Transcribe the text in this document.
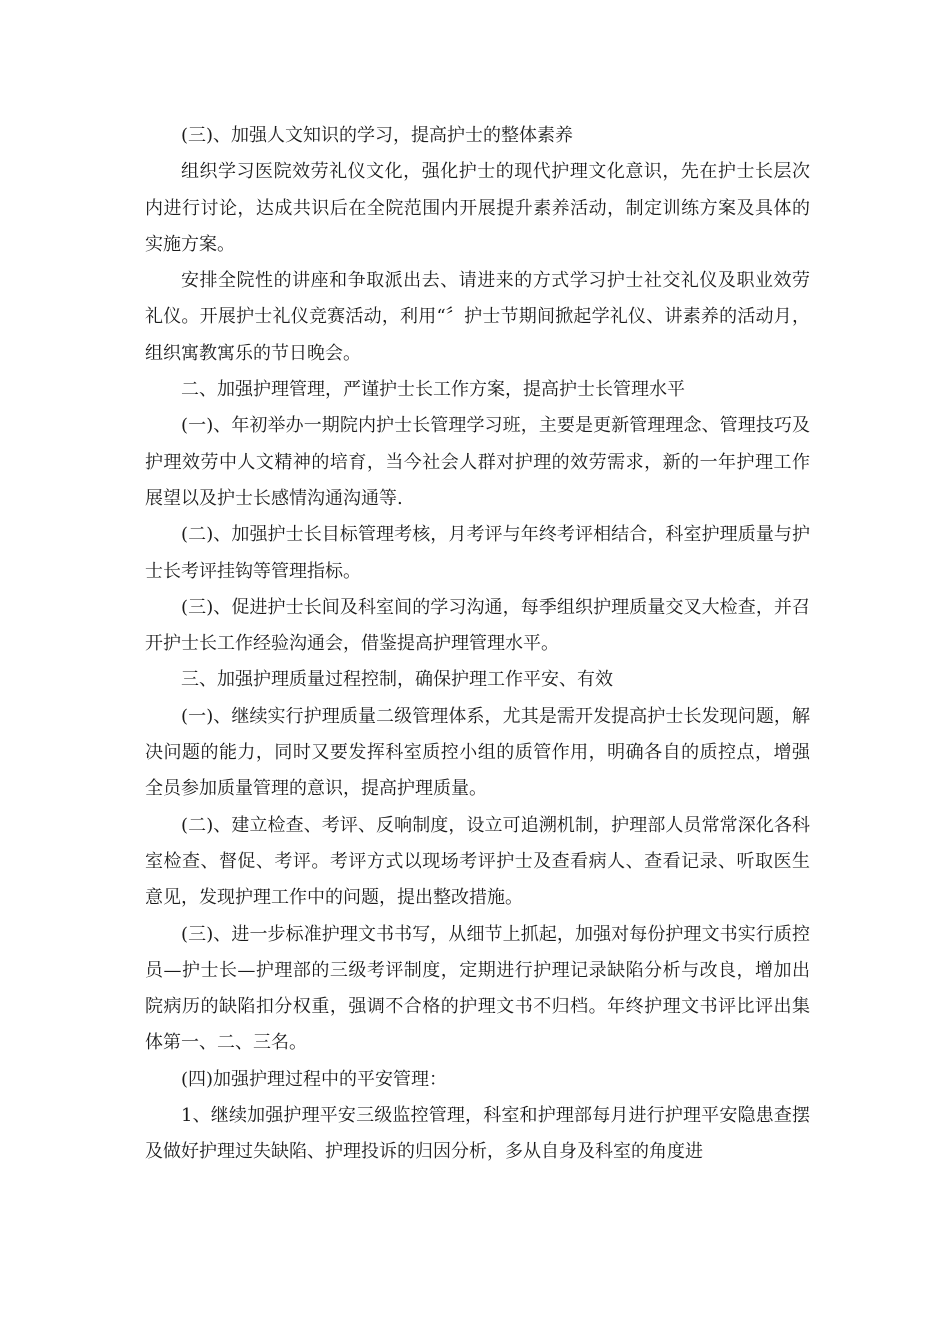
(三)、加强人文知识的学习，提高护士的整体素养

组织学习医院效劳礼仪文化，强化护士的现代护理文化意识，先在护士长层次内进行讨论，达成共识后在全院范围内开展提升素养活动，制定训练方案及具体的实施方案。

安排全院性的讲座和争取派出去、请进来的方式学习护士社交礼仪及职业效劳礼仪。开展护士礼仪竞赛活动，利用“〞护士节期间掀起学礼仪、讲素养的活动月，组织寓教寓乐的节日晚会。

二、加强护理管理，严谨护士长工作方案，提高护士长管理水平

(一)、年初举办一期院内护士长管理学习班，主要是更新管理理念、管理技巧及护理效劳中人文精神的培育，当今社会人群对护理的效劳需求，新的一年护理工作展望以及护士长感情沟通沟通等.

(二)、加强护士长目标管理考核，月考评与年终考评相结合，科室护理质量与护士长考评挂钩等管理指标。

(三)、促进护士长间及科室间的学习沟通，每季组织护理质量交叉大检查，并召开护士长工作经验沟通会，借鉴提高护理管理水平。

三、加强护理质量过程控制，确保护理工作平安、有效

(一)、继续实行护理质量二级管理体系，尤其是需开发提高护士长发现问题，解决问题的能力，同时又要发挥科室质控小组的质管作用，明确各自的质控点，增强全员参加质量管理的意识，提高护理质量。

(二)、建立检查、考评、反响制度，设立可追溯机制，护理部人员常常深化各科室检查、督促、考评。考评方式以现场考评护士及查看病人、查看记录、听取医生意见，发现护理工作中的问题，提出整改措施。

(三)、进一步标准护理文书书写，从细节上抓起，加强对每份护理文书实行质控员—护士长—护理部的三级考评制度，定期进行护理记录缺陷分析与改良，增加出院病历的缺陷扣分权重，强调不合格的护理文书不归档。年终护理文书评比评出集体第一、二、三名。

(四)加强护理过程中的平安管理：

1、继续加强护理平安三级监控管理，科室和护理部每月进行护理平安隐患查摆及做好护理过失缺陷、护理投诉的归因分析，多从自身及科室的角度进
